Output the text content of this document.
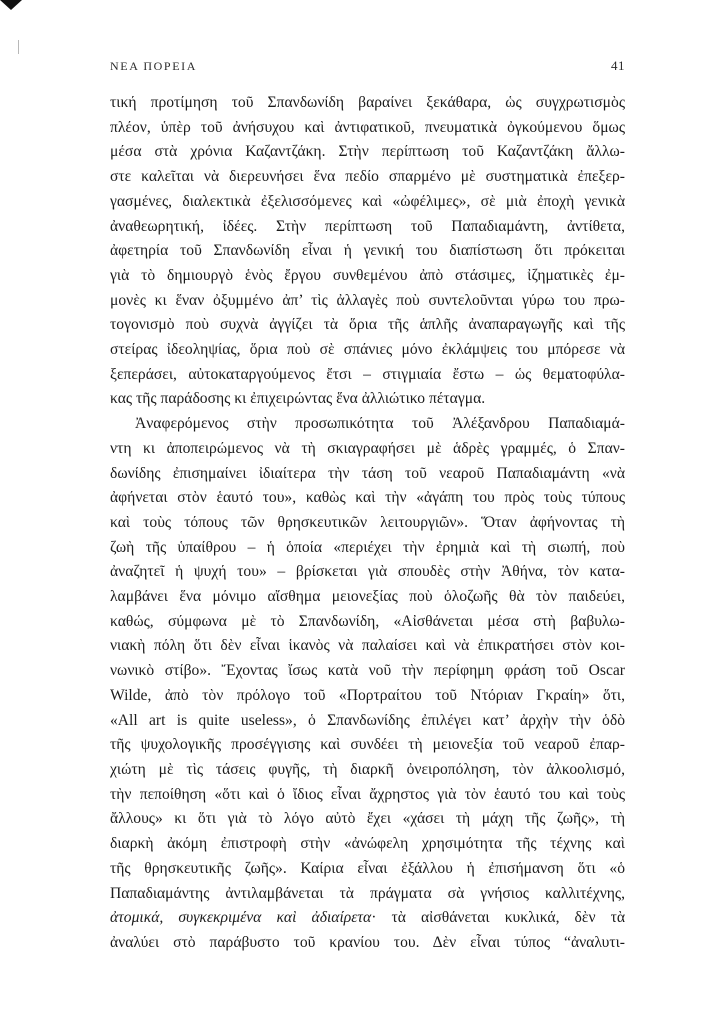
ΝΕΑ ΠΟΡΕΙΑ	41
τική προτίμηση τοῦ Σπανδωνίδη βαραίνει ξεκάθαρα, ὡς συγχρωτισμὸς
πλέον, ὑπὲρ τοῦ ἀνήσυχου καὶ ἀντιφατικοῦ, πνευματικὰ ὀγκούμενου ὅμως
μέσα στὰ χρόνια Καζαντζάκη. Στὴν περίπτωση τοῦ Καζαντζάκη ἄλλω-
στε καλεῖται νὰ διερευνήσει ἕνα πεδίο σπαρμένο μὲ συστηματικὰ ἐπεξερ-
γασμένες, διαλεκτικὰ ἐξελισσόμενες καὶ «ὠφέλιμες», σὲ μιὰ ἐποχὴ γενικὰ
ἀναθεωρητική, ἰδέες. Στὴν περίπτωση τοῦ Παπαδιαμάντη, ἀντίθετα,
ἀφετηρία τοῦ Σπανδωνίδη εἶναι ἡ γενική του διαπίστωση ὅτι πρόκειται
γιὰ τὸ δημιουργὸ ἑνὸς ἔργου συνθεμένου ἀπὸ στάσιμες, ἰζηματικὲς ἐμ-
μονὲς κι ἕναν ὀξυμμένο ἀπ’ τὶς ἀλλαγὲς ποὺ συντελοῦνται γύρω του πρω-
τογονισμὸ ποὺ συχνὰ ἀγγίζει τὰ ὅρια τῆς ἁπλῆς ἀναπαραγωγῆς καὶ τῆς
στείρας ἰδεοληψίας, ὅρια ποὺ σὲ σπάνιες μόνο ἐκλάμψεις του μπόρεσε νὰ
ξεπεράσει, αὐτοκαταργούμενος ἔτσι – στιγμιαία ἔστω – ὡς θεματοφύλα-
κας τῆς παράδοσης κι ἐπιχειρώντας ἕνα ἀλλιώτικο πέταγμα.
Ἀναφερόμενος στὴν προσωπικότητα τοῦ Ἀλέξανδρου Παπαδιαμά-
ντη κι ἀποπειρώμενος νὰ τὴ σκιαγραφήσει μὲ ἁδρὲς γραμμές, ὁ Σπαν-
δωνίδης ἐπισημαίνει ἰδιαίτερα τὴν τάση τοῦ νεαροῦ Παπαδιαμάντη «νὰ
ἀφήνεται στὸν ἑαυτό του», καθὼς καὶ τὴν «ἀγάπη του πρὸς τοὺς τύπους
καὶ τοὺς τόπους τῶν θρησκευτικῶν λειτουργιῶν». Ὅταν ἀφήνοντας τὴ
ζωὴ τῆς ὑπαίθρου – ἡ ὁποία «περιέχει τὴν ἐρημιὰ καὶ τὴ σιωπή, ποὺ
ἀναζητεῖ ἡ ψυχή του» – βρίσκεται γιὰ σπουδὲς στὴν Ἀθήνα, τὸν κατα-
λαμβάνει ἕνα μόνιμο αἴσθημα μειονεξίας ποὺ ὁλοζωῆς θὰ τὸν παιδεύει,
καθώς, σύμφωνα μὲ τὸ Σπανδωνίδη, «Αἰσθάνεται μέσα στὴ βαβυλω-
νιακὴ πόλη ὅτι δὲν εἶναι ἱκανὸς νὰ παλαίσει καὶ νὰ ἐπικρατήσει στὸν κοι-
νωνικὸ στίβο». Ἔχοντας ἴσως κατὰ νοῦ τὴν περίφημη φράση τοῦ Oscar
Wilde, ἀπὸ τὸν πρόλογο τοῦ «Πορτραίτου τοῦ Ντόριαν Γκραίη» ὅτι,
«All art is quite useless», ὁ Σπανδωνίδης ἐπιλέγει κατ’ ἀρχὴν τὴν ὁδὸ
τῆς ψυχολογικῆς προσέγγισης καὶ συνδέει τὴ μειονεξία τοῦ νεαροῦ ἐπαρ-
χιώτη μὲ τὶς τάσεις φυγῆς, τὴ διαρκῆ ὀνειροπόληση, τὸν ἀλκοολισμό,
τὴν πεποίθηση «ὅτι καὶ ὁ ἴδιος εἶναι ἄχρηστος γιὰ τὸν ἑαυτό του καὶ τοὺς
ἄλλους» κι ὅτι γιὰ τὸ λόγο αὐτὸ ἔχει «χάσει τὴ μάχη τῆς ζωῆς», τὴ
διαρκὴ ἀκόμη ἐπιστροφὴ στὴν «ἀνώφελη χρησιμότητα τῆς τέχνης καὶ
τῆς θρησκευτικῆς ζωῆς». Καίρια εἶναι ἐξάλλου ἡ ἐπισήμανση ὅτι «ὁ
Παπαδιαμάντης ἀντιλαμβάνεται τὰ πράγματα σὰ γνήσιος καλλιτέχνης,
ἀτομικά, συγκεκριμένα καὶ ἀδιαίρετα· τὰ αἰσθάνεται κυκλικά, δὲν τὰ
ἀναλύει στὸ παράβυστο τοῦ κρανίου του. Δὲν εἶναι τύπος “ἀναλυτι-
